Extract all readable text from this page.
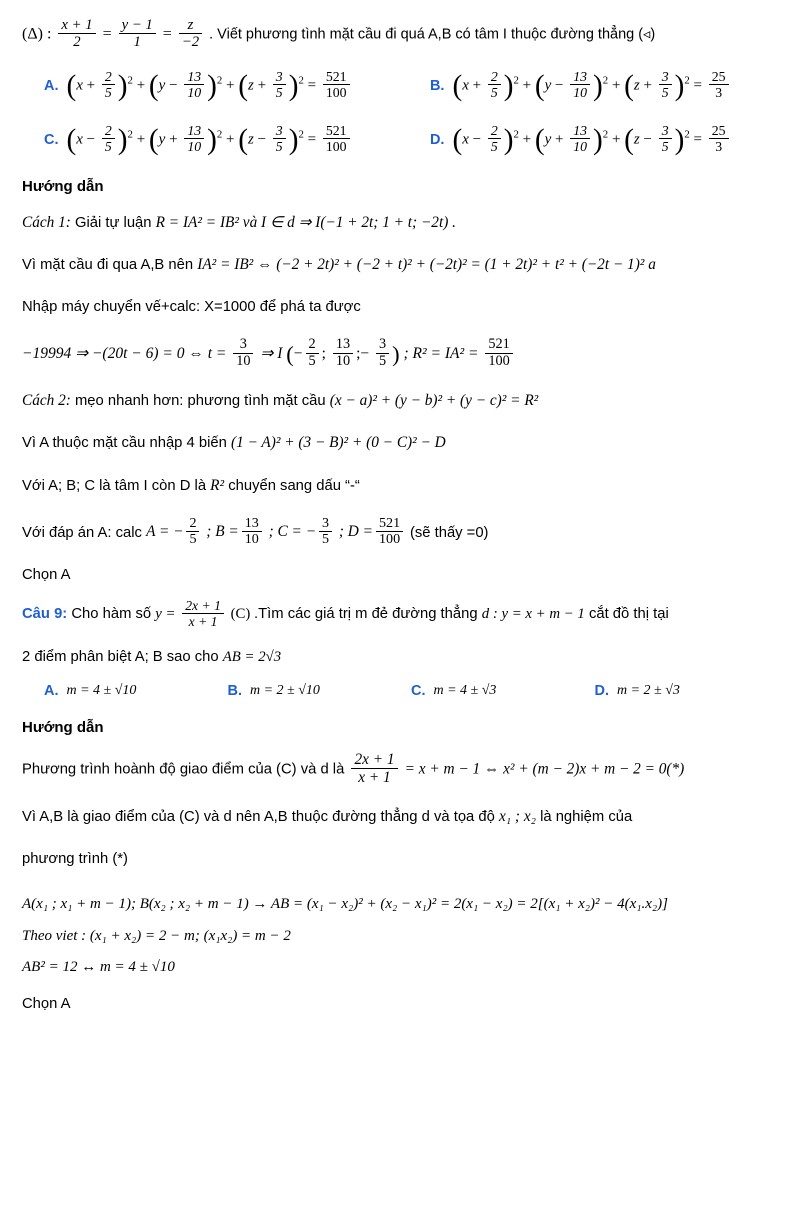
(Δ) : $\frac{x + 1}{2} = \frac{y - 1}{1} = \frac{z}{-2}$ . Viết phương tình mặt cầu đi quá A,B có tâm I thuộc đường thẳng (◃)
A. $(x + \frac{2}{5} )^2 + (y - \frac{13}{10} )^2 + (z + \frac{3}{5} )^2 = \frac{521}{100}$	B. $(x + \frac{2}{5} )^2 + (y - \frac{13}{10} )^2 + (z + \frac{3}{5} )^2 = \frac{25}{3}$
C. $(x - \frac{2}{5} )^2 + (y + \frac{13}{10} )^2 + (z - \frac{3}{5} )^2 = \frac{521}{100}$	D. $(x - \frac{2}{5} )^2 + (y + \frac{13}{10} )^2 + (z - \frac{3}{5} )^2 = \frac{25}{3}$
Hướng dẫn
Cách 1: Giải tự luận R = IA² = IB² và I ∈ d ⇒ I(−1 + 2t; 1 + t; −2t) .
Vì mặt cầu đi qua A,B nên IA² = IB² ⇔ (−2 + 2t)² + (−2 + t)² + (−2t)² = (1 + 2t)² + t² + (−2t − 1)² a
Nhập máy chuyển vế+calc: X=1000 để phá ta được
−19994 ⇒ −(20t − 6) = 0 ⇔ $t = \frac{3}{10}$ ⇒ I (− $\frac{2}{5}$ ; $\frac{13}{10}$ ;− $\frac{3}{5}$ ) ; $R^2 = IA^2 = \frac{521}{100}$
Cách 2: mẹo nhanh hơn: phương tình mặt cầu (x − a)² + (y − b)² + (y − c)² = R²
Vì A thuộc mặt cầu nhập 4 biến (1 − A)² + (3 − B)² + (0 − C)² − D
Với A; B; C là tâm I còn D là R² chuyển sang dấu “-“
Với đáp án A: calc A = − $\frac{2}{5}$ ; $B = \frac{13}{10}$ ; C = − $\frac{3}{5}$ ; $D = \frac{521}{100}$ (sẽ thấy =0)
Chọn A
Câu 9: Cho hàm số $y = \frac{2x + 1}{x + 1} (C)$ .Tìm các giá trị m đẻ đường thẳng d : y = x + m − 1 cắt đồ thị tại
2 điểm phân biệt A; B sao cho AB = 2√3
A. m = 4 ± √10	B. m = 2 ± √10	C. m = 4 ± √3	D. m = 2 ± √3
Hướng dẫn
Phương trình hoành độ giao điểm của (C) và d là $\frac{2x + 1}{x + 1} = x + m - 1$ ⇔ x² + (m − 2)x + m − 2 = 0(*)
Vì A,B là giao điểm của (C) và d nên A,B thuộc đường thẳng d và tọa độ x₁ ; x₂ là nghiệm của
phương trình (*)
A(x₁ ; x₁ + m − 1); B(x₂ ; x₂ + m − 1) → AB = (x₁ − x₂)² + (x₂ − x₁)² = 2(x₁ − x₂) = 2[(x₁ + x₂)² − 4(x₁.x₂)]
Theo viet : (x₁ + x₂) = 2 − m; (x₁x₂) = m − 2
AB² = 12 ↔ m = 4 ± √10
Chọn A
